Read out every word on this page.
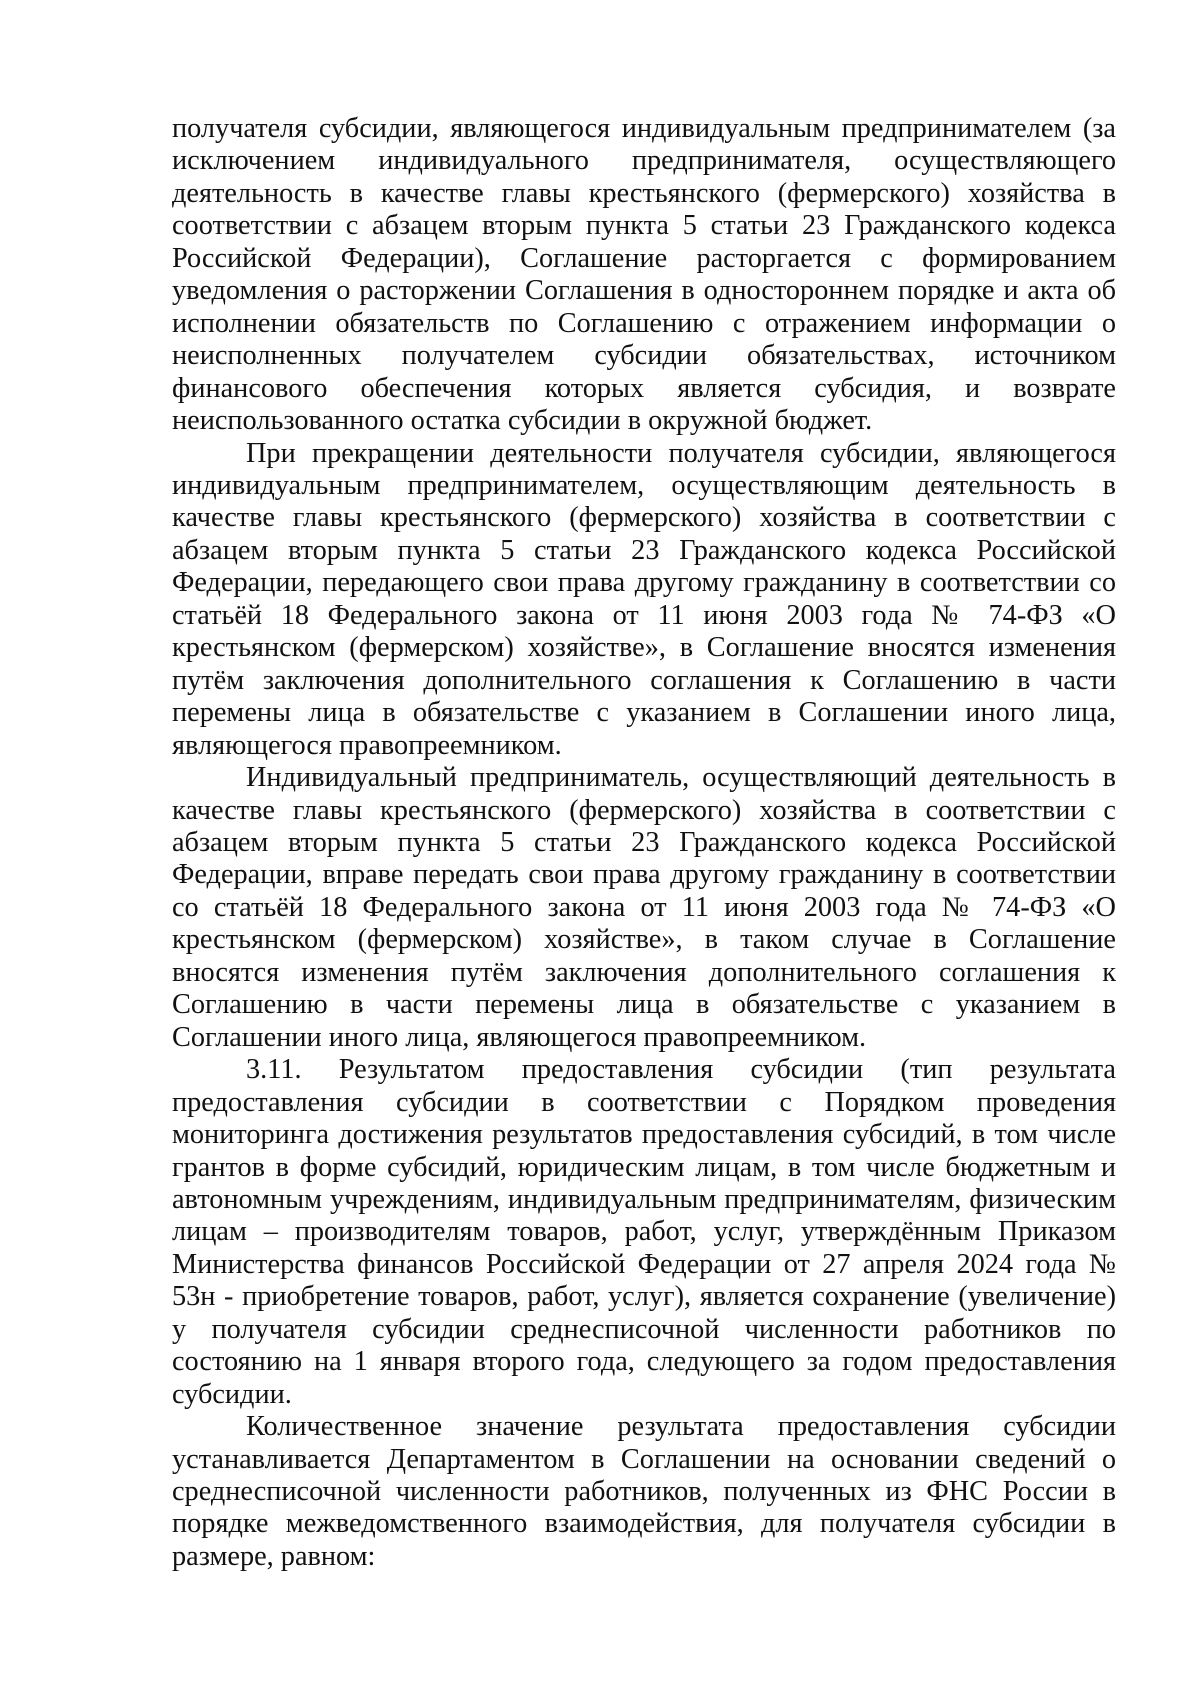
получателя субсидии, являющегося индивидуальным предпринимателем (за исключением индивидуального предпринимателя, осуществляющего деятельность в качестве главы крестьянского (фермерского) хозяйства в соответствии с абзацем вторым пункта 5 статьи 23 Гражданского кодекса Российской Федерации), Соглашение расторгается с формированием уведомления о расторжении Соглашения в одностороннем порядке и акта об исполнении обязательств по Соглашению с отражением информации о неисполненных получателем субсидии обязательствах, источником финансового обеспечения которых является субсидия, и возврате неиспользованного остатка субсидии в окружной бюджет.

При прекращении деятельности получателя субсидии, являющегося индивидуальным предпринимателем, осуществляющим деятельность в качестве главы крестьянского (фермерского) хозяйства в соответствии с абзацем вторым пункта 5 статьи 23 Гражданского кодекса Российской Федерации, передающего свои права другому гражданину в соответствии со статьёй 18 Федерального закона от 11 июня 2003 года № 74-ФЗ «О крестьянском (фермерском) хозяйстве», в Соглашение вносятся изменения путём заключения дополнительного соглашения к Соглашению в части перемены лица в обязательстве с указанием в Соглашении иного лица, являющегося правопреемником.

Индивидуальный предприниматель, осуществляющий деятельность в качестве главы крестьянского (фермерского) хозяйства в соответствии с абзацем вторым пункта 5 статьи 23 Гражданского кодекса Российской Федерации, вправе передать свои права другому гражданину в соответствии со статьёй 18 Федерального закона от 11 июня 2003 года № 74-ФЗ «О крестьянском (фермерском) хозяйстве», в таком случае в Соглашение вносятся изменения путём заключения дополнительного соглашения к Соглашению в части перемены лица в обязательстве с указанием в Соглашении иного лица, являющегося правопреемником.

3.11. Результатом предоставления субсидии (тип результата предоставления субсидии в соответствии с Порядком проведения мониторинга достижения результатов предоставления субсидий, в том числе грантов в форме субсидий, юридическим лицам, в том числе бюджетным и автономным учреждениям, индивидуальным предпринимателям, физическим лицам – производителям товаров, работ, услуг, утверждённым Приказом Министерства финансов Российской Федерации от 27 апреля 2024 года № 53н - приобретение товаров, работ, услуг), является сохранение (увеличение) у получателя субсидии среднесписочной численности работников по состоянию на 1 января второго года, следующего за годом предоставления субсидии.

Количественное значение результата предоставления субсидии устанавливается Департаментом в Соглашении на основании сведений о среднесписочной численности работников, полученных из ФНС России в порядке межведомственного взаимодействия, для получателя субсидии в размере, равном:
